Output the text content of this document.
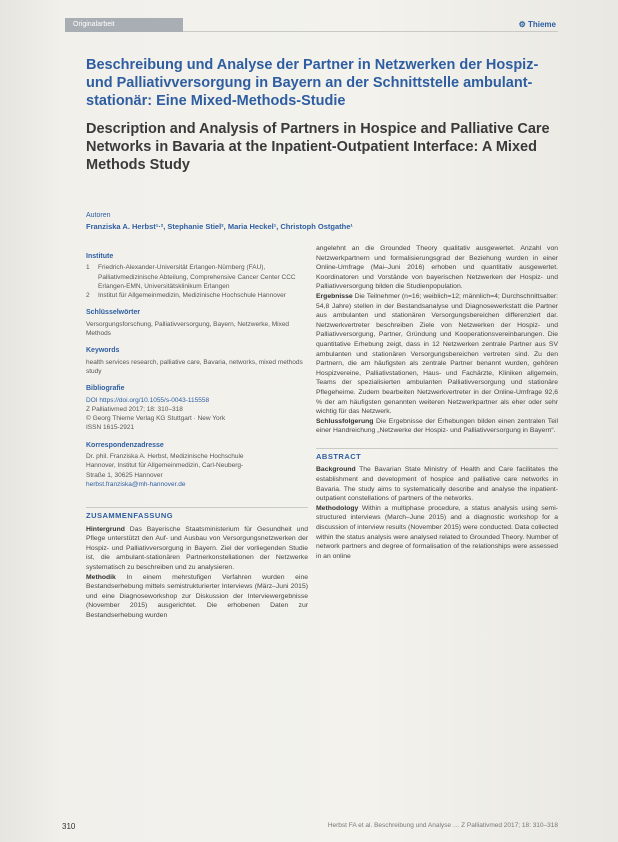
Originalarbeit	⚙ Thieme
Beschreibung und Analyse der Partner in Netzwerken der Hospiz- und Palliativversorgung in Bayern an der Schnittstelle ambulant-stationär: Eine Mixed-Methods-Studie
Description and Analysis of Partners in Hospice and Palliative Care Networks in Bavaria at the Inpatient-Outpatient Interface: A Mixed Methods Study
Autoren
Franziska A. Herbst¹·², Stephanie Stiel², Maria Heckel¹, Christoph Ostgathe¹
Institute
1	Friedrich-Alexander-Universität Erlangen-Nürnberg (FAU), Palliativmedizinische Abteilung, Comprehensive Cancer Center CCC Erlangen-EMN, Universitätsklinikum Erlangen
2	Institut für Allgemeinmedizin, Medizinische Hochschule Hannover
Schlüsselwörter
Versorgungsforschung, Palliativversorgung, Bayern, Netzwerke, Mixed Methods
Keywords
health services research, palliative care, Bavaria, networks, mixed methods study
Bibliografie
DOI https://doi.org/10.1055/s-0043-115558
Z Palliativmed 2017; 18: 310–318
© Georg Thieme Verlag KG Stuttgart · New York
ISSN 1615-2921
Korrespondenzadresse
Dr. phil. Franziska A. Herbst, Medizinische Hochschule
Hannover, Institut für Allgemeinmedizin, Carl-Neuberg-
Straße 1, 30625 Hannover
herbst.franziska@mh-hannover.de
ZUSAMMENFASSUNG
Hintergrund Das Bayerische Staatsministerium für Gesundheit und Pflege unterstützt den Auf- und Ausbau von Versorgungsnetzwerken der Hospiz- und Palliativversorgung in Bayern. Ziel der vorliegenden Studie ist, die ambulant-stationären Partnerkonstellationen der Netzwerke systematisch zu beschreiben und zu analysieren.
Methodik In einem mehrstufigen Verfahren wurden eine Bestandserhebung mittels semistrukturierter Interviews (März–Juni 2015) und eine Diagnoseworkshop zur Diskussion der Interviewergebnisse (November 2015) ausgerichtet. Die erhobenen Daten zur Bestandserhebung wurden
angelehnt an die Grounded Theory qualitativ ausgewertet. Anzahl von Netzwerkpartnern und formalisierungsgrad der Beziehung wurden in einer Online-Umfrage (Mai–Juni 2016) erhoben und quantitativ ausgewertet. Koordinatoren und Vorstände von bayerischen Netzwerken der Hospiz- und Palliativversorgung bilden die Studienpopulation.
Ergebnisse Die Teilnehmer (n=16; weiblich=12; männlich=4; Durchschnittsalter: 54,8 Jahre) stellen in der Bestandsanalyse und Diagnosewerkstatt die Partner aus ambulanten und stationären Versorgungsbereichen differenziert dar. Netzwerkvertreter beschreiben Ziele von Netzwerken der Hospiz- und Palliativversorgung, Partner, Gründung und Kooperationsvereinbarungen. Die quantitative Erhebung zeigt, dass in 12 Netzwerken zentrale Partner aus SV ambulanten und stationären Versorgungsbereichen vertreten sind. Zu den Partnern, die am häufigsten als zentrale Partner benannt wurden, gehören Hospizvereine, Palliativstationen, Haus- und Fachärzte, Kliniken allgemein, Teams der spezialisierten ambulanten Palliativversorgung und stationäre Pflegeheime. Zudem bearbeiten Netzwerkvertreter in der Online-Umfrage 92,6 % der am häufigsten genannten weiteren Netzwerkpartner als eher oder sehr wichtig für das Netzwerk.
Schlussfolgerung Die Ergebnisse der Erhebungen bilden einen zentralen Teil einer Handreichung „Netzwerke der Hospiz- und Palliativversorgung in Bayern“.
ABSTRACT
Background The Bavarian State Ministry of Health and Care facilitates the establishment and development of hospice and palliative care networks in Bavaria. The study aims to systematically describe and analyse the inpatient-outpatient constellations of partners of the networks.
Methodology Within a multiphase procedure, a status analysis using semi-structured interviews (March–June 2015) and a diagnostic workshop for a discussion of interview results (November 2015) were conducted. Data collected within the status analysis were analysed related to Grounded Theory. Number of network partners and degree of formalisation of the relationships were assessed in an online
310	Herbst FA et al. Beschreibung und Analyse … Z Palliativmed 2017; 18: 310–318
